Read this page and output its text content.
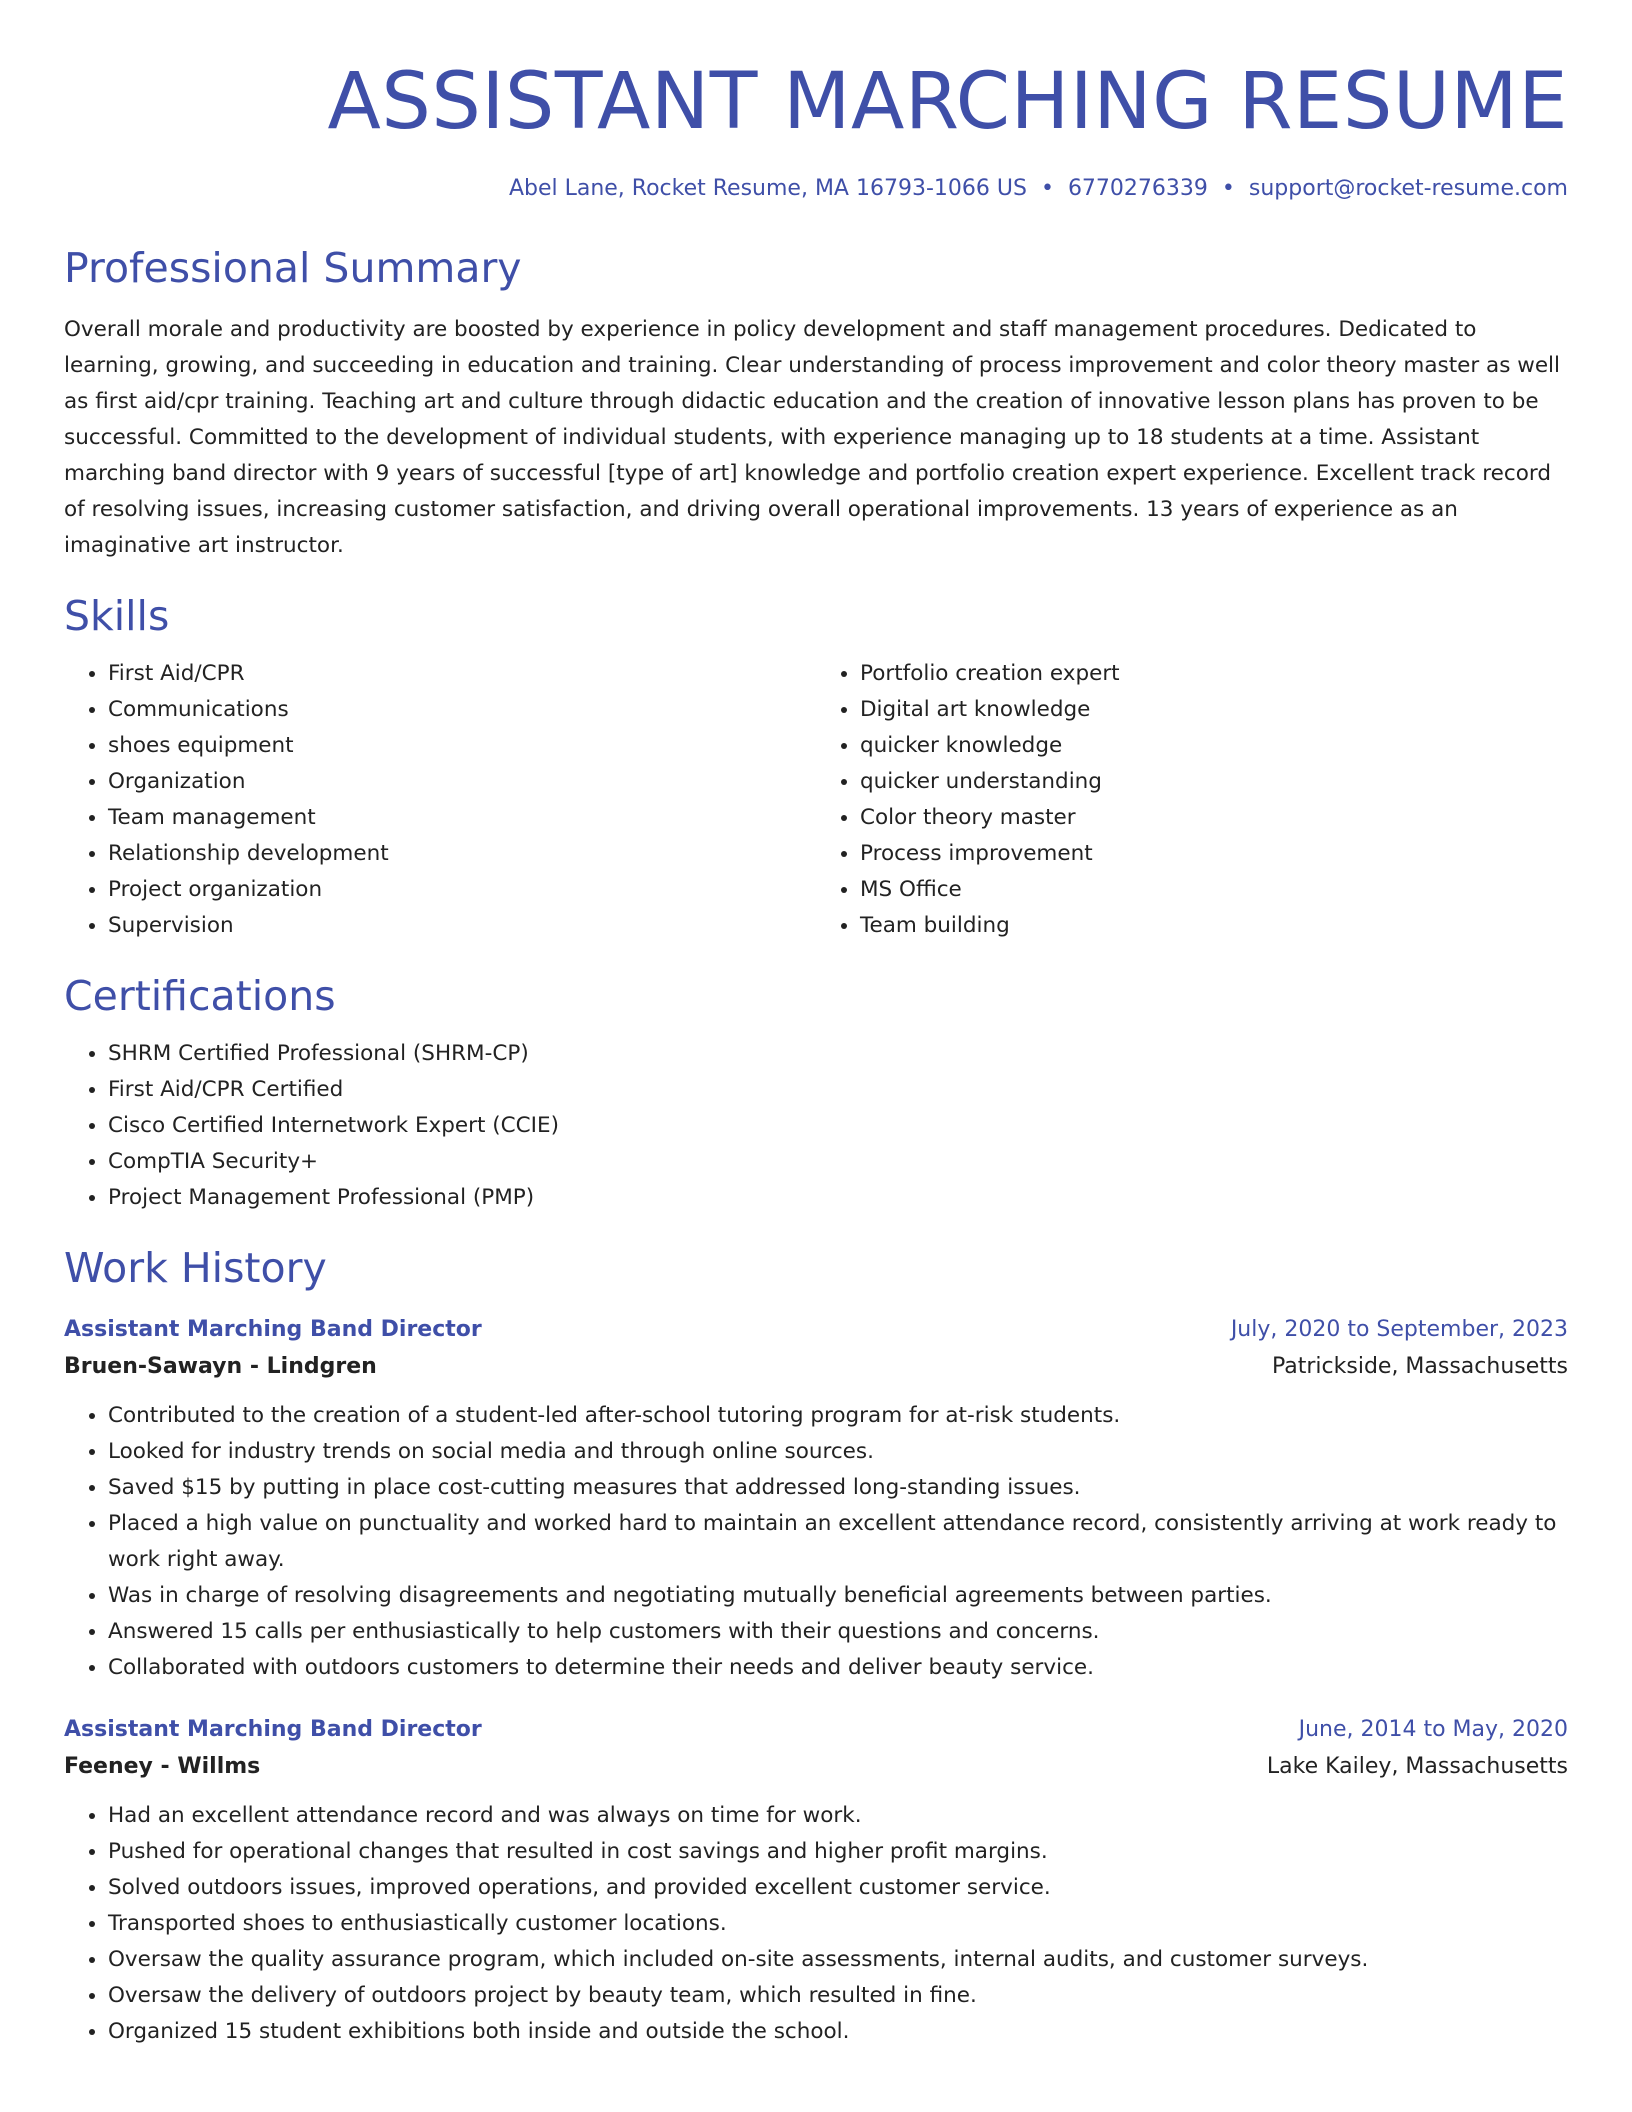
ASSISTANT MARCHING RESUME
Abel Lane, Rocket Resume, MA 16793-1066 US • 6770276339 • support@rocket-resume.com
Professional Summary

Overall morale and productivity are boosted by experience in policy development and staff management procedures. Dedicated to learning, growing, and succeeding in education and training. Clear understanding of process improvement and color theory master as well as first aid/cpr training. Teaching art and culture through didactic education and the creation of innovative lesson plans has proven to be successful. Committed to the development of individual students, with experience managing up to 18 students at a time. Assistant marching band director with 9 years of successful [type of art] knowledge and portfolio creation expert experience. Excellent track record of resolving issues, increasing customer satisfaction, and driving overall operational improvements. 13 years of experience as an imaginative art instructor.

Skills
• First Aid/CPR
• Communications
• shoes equipment
• Organization
• Team management
• Relationship development
• Project organization
• Supervision
• Portfolio creation expert
• Digital art knowledge
• quicker knowledge
• quicker understanding
• Color theory master
• Process improvement
• MS Office
• Team building
Certifications
• SHRM Certified Professional (SHRM-CP)
• First Aid/CPR Certified
• Cisco Certified Internetwork Expert (CCIE)
• CompTIA Security+
• Project Management Professional (PMP)
Work History
Assistant Marching Band Director	July, 2020 to September, 2023
Bruen-Sawayn - Lindgren	Patrickside, Massachusetts
• Contributed to the creation of a student-led after-school tutoring program for at-risk students.
• Looked for industry trends on social media and through online sources.
• Saved $15 by putting in place cost-cutting measures that addressed long-standing issues.
• Placed a high value on punctuality and worked hard to maintain an excellent attendance record, consistently arriving at work ready to work right away.
• Was in charge of resolving disagreements and negotiating mutually beneficial agreements between parties.
• Answered 15 calls per enthusiastically to help customers with their questions and concerns.
• Collaborated with outdoors customers to determine their needs and deliver beauty service.
Assistant Marching Band Director	June, 2014 to May, 2020
Feeney - Willms	Lake Kailey, Massachusetts
• Had an excellent attendance record and was always on time for work.
• Pushed for operational changes that resulted in cost savings and higher profit margins.
• Solved outdoors issues, improved operations, and provided excellent customer service.
• Transported shoes to enthusiastically customer locations.
• Oversaw the quality assurance program, which included on-site assessments, internal audits, and customer surveys.
• Oversaw the delivery of outdoors project by beauty team, which resulted in fine.
• Organized 15 student exhibitions both inside and outside the school.
